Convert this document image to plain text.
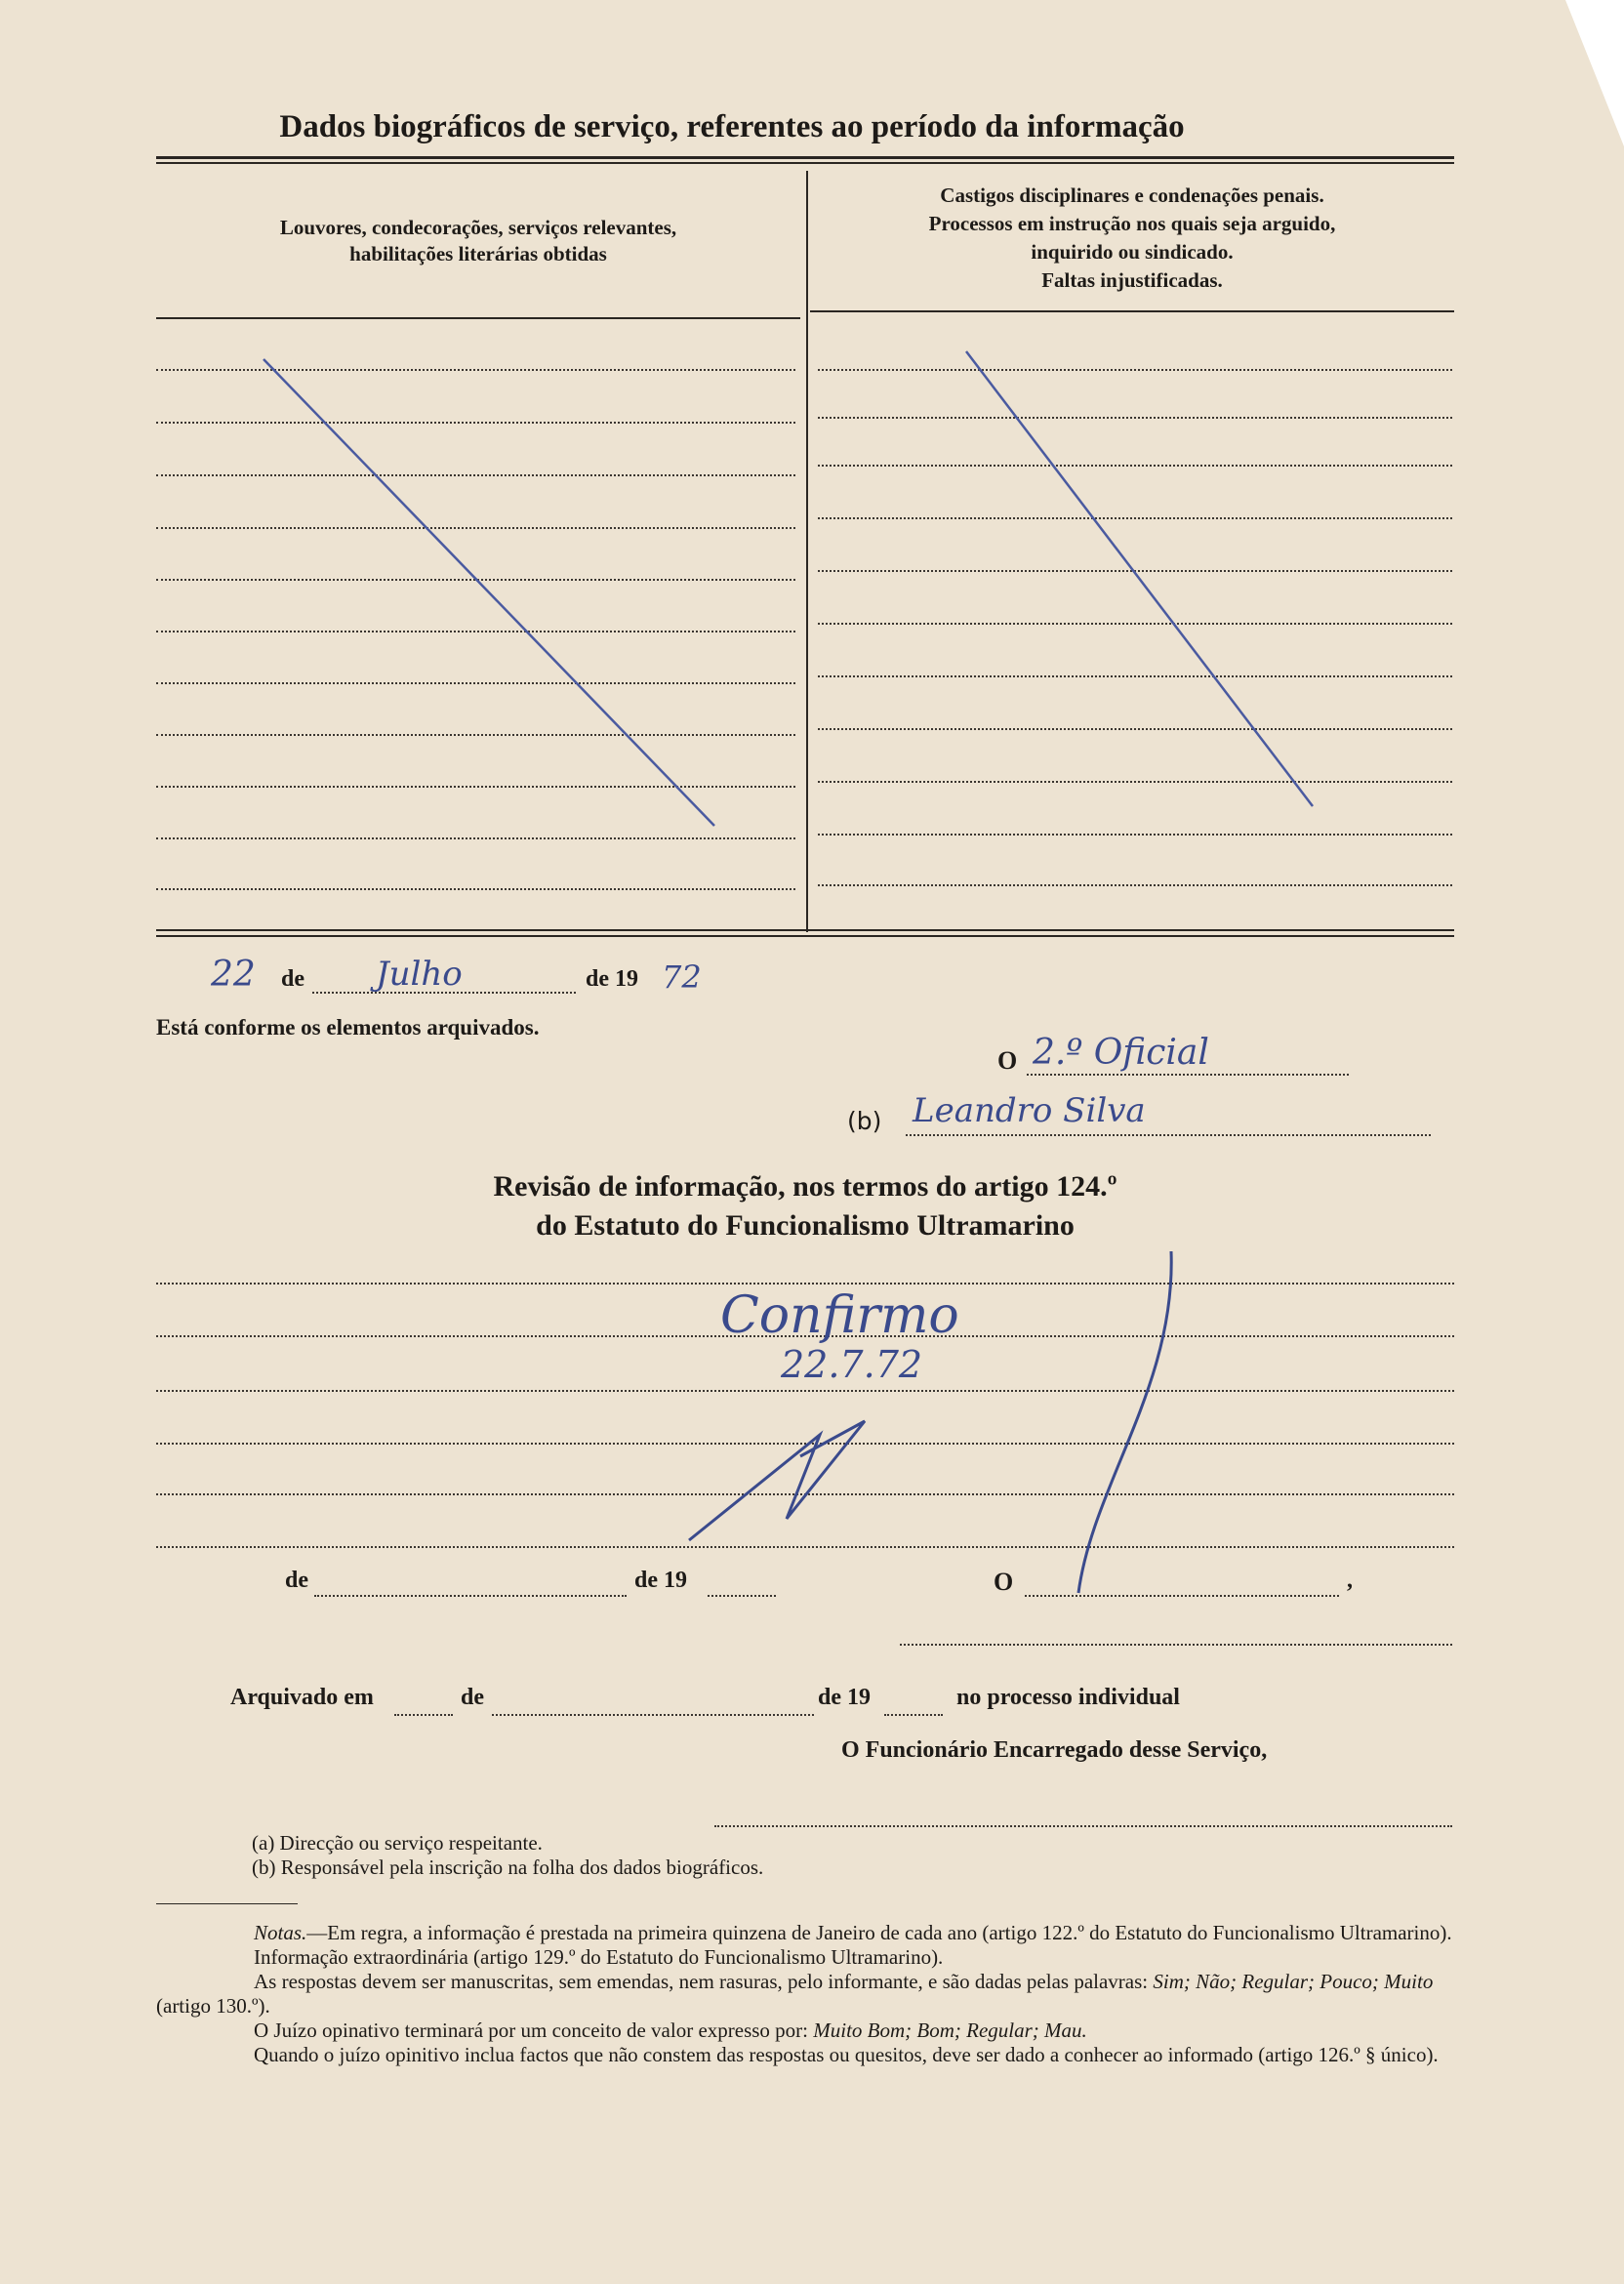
Dados biográficos de serviço, referentes ao período da informação
Louvores, condecorações, serviços relevantes,
habilitações literárias obtidas
Castigos disciplinares e condenações penais.
Processos em instrução nos quais seja arguido,
inquirido ou sindicado.
Faltas injustificadas.
22 de Julho	de 19 72
Está conforme os elementos arquivados.
O 2.º Oficial
(b) Leandro Silva
Revisão de informação, nos termos do artigo 124.º
do Estatuto do Funcionalismo Ultramarino
Confirmo
22.7.72
de	de 19	O	,
Arquivado em	de	de 19	no processo individual
O Funcionário Encarregado desse Serviço,
(a) Direcção ou serviço respeitante.
(b) Responsável pela inscrição na folha dos dados biográficos.

Notas.—Em regra, a informação é prestada na primeira quinzena de Janeiro de cada ano (artigo 122.º do Estatuto do Funcionalismo Ultramarino).

Informação extraordinária (artigo 129.º do Estatuto do Funcionalismo Ultramarino).

As respostas devem ser manuscritas, sem emendas, nem rasuras, pelo informante, e são dadas pelas palavras: Sim; Não; Regular; Pouco; Muito (artigo 130.º).

O Juízo opinativo terminará por um conceito de valor expresso por: Muito Bom; Bom; Regular; Mau.

Quando o juízo opinitivo inclua factos que não constem das respostas ou quesitos, deve ser dado a conhecer ao informado (artigo 126.º § único).
